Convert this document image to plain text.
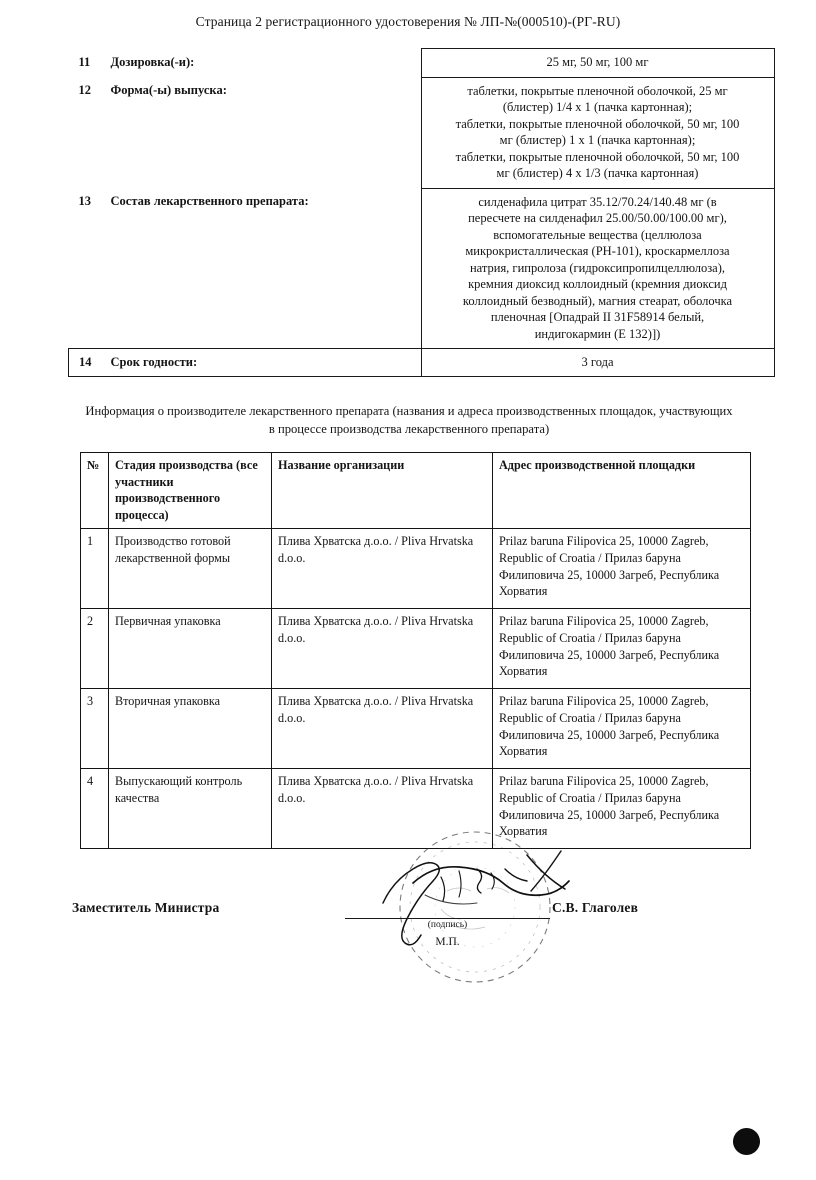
Страница 2 регистрационного удостоверения № ЛП-№(000510)-(РГ-RU)
11	Дозировка(-и):	25 мг, 50 мг, 100 мг

12	Форма(-ы) выпуска:	таблетки, покрытые пленочной оболочкой, 25 мг
(блистер) 1/4 х 1 (пачка картонная);
таблетки, покрытые пленочной оболочкой, 50 мг, 100
мг (блистер) 1 х 1 (пачка картонная);
таблетки, покрытые пленочной оболочкой, 50 мг, 100
мг (блистер) 4 х 1/3 (пачка картонная)

13	Состав лекарственного препарата:	силденафила цитрат 35.12/70.24/140.48 мг (в
пересчете на силденафил 25.00/50.00/100.00 мг),
вспомогательные вещества (целлюлоза
микрокристаллическая (РН-101), кроскармеллоза
натрия, гипролоза (гидроксипропилцеллюлоза),
кремния диоксид коллоидный (кремния диоксид
коллоидный безводный), магния стеарат, оболочка
пленочная [Опадрай II 31F58914 белый,
индигокармин (Е 132)])

14	Срок годности:	3 года
Информация о производителе лекарственного препарата (названия и адреса производственных площадок, участвующих в процессе производства лекарственного препарата)
№	Стадия производства (все участники производственного процесса)	Название организации	Адрес производственной площадки
1	Производство готовой лекарственной формы	Плива Хрватска д.о.о. / Pliva Hrvatska d.o.o.	Prilaz baruna Filipovica 25, 10000 Zagreb, Republic of Croatia / Прилаз баруна Филиповича 25, 10000 Загреб, Республика Хорватия
2	Первичная упаковка	Плива Хрватска д.о.о. / Pliva Hrvatska d.o.o.	Prilaz baruna Filipovica 25, 10000 Zagreb, Republic of Croatia / Прилаз баруна Филиповича 25, 10000 Загреб, Республика Хорватия
3	Вторичная упаковка	Плива Хрватска д.о.о. / Pliva Hrvatska d.o.o.	Prilaz baruna Filipovica 25, 10000 Zagreb, Republic of Croatia / Прилаз баруна Филиповича 25, 10000 Загреб, Республика Хорватия
4	Выпускающий контроль качества	Плива Хрватска д.о.о. / Pliva Hrvatska d.o.o.	Prilaz baruna Filipovica 25, 10000 Zagreb, Republic of Croatia / Прилаз баруна Филиповича 25, 10000 Загреб, Республика Хорватия
Заместитель Министра
(подпись)
М.П.
С.В. Глаголев
